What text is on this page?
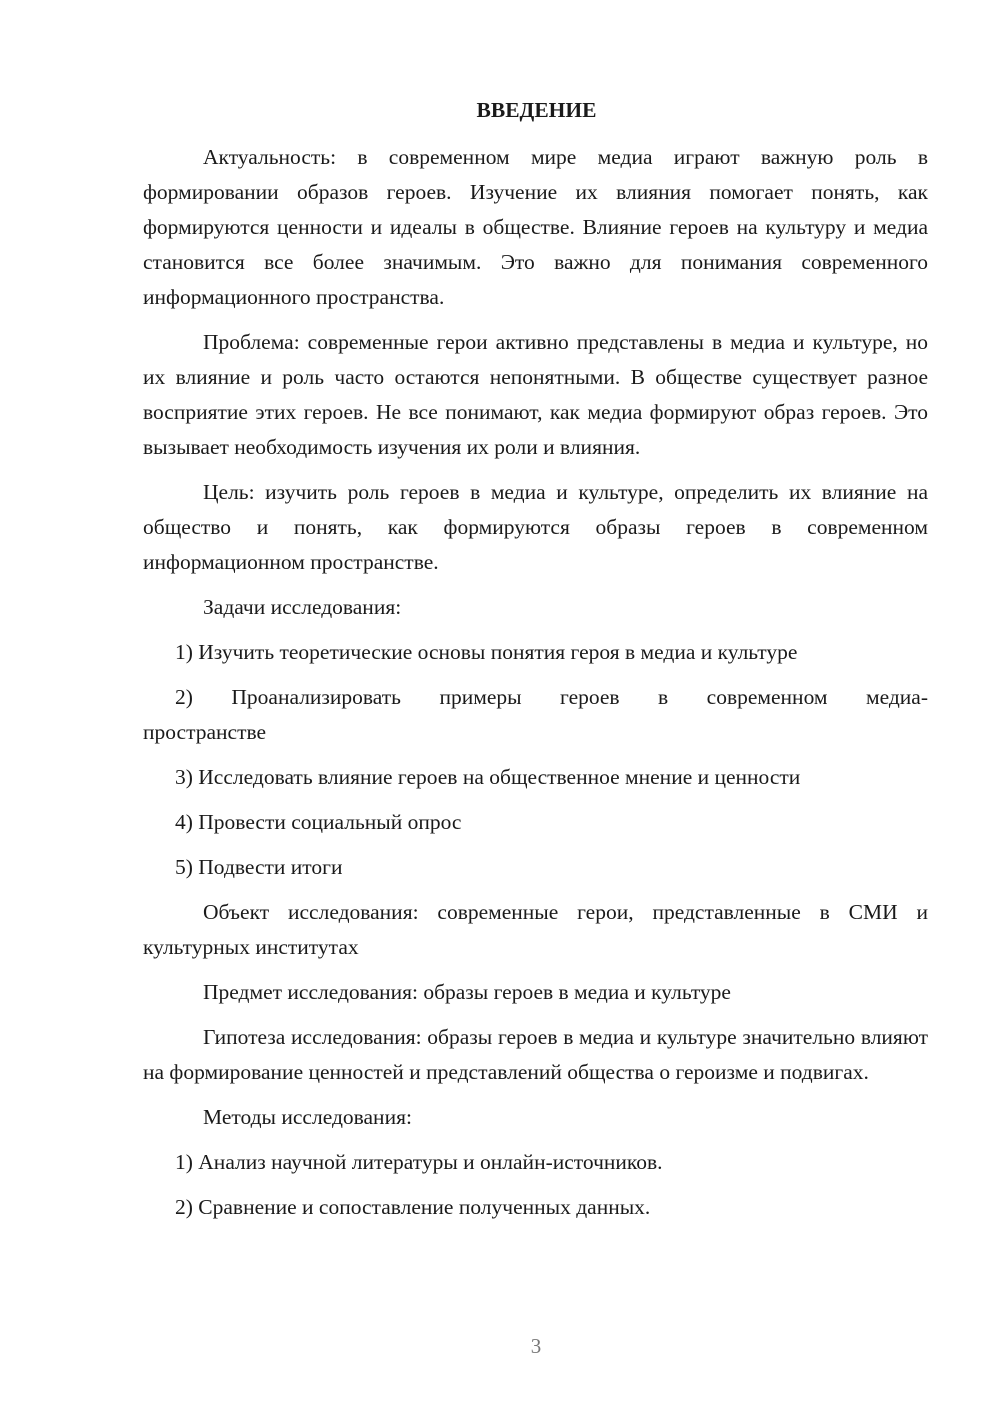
ВВЕДЕНИЕ

Актуальность: в современном мире медиа играют важную роль в формировании образов героев. Изучение их влияния помогает понять, как формируются ценности и идеалы в обществе. Влияние героев на культуру и медиа становится все более значимым. Это важно для понимания современного информационного пространства.

Проблема: современные герои активно представлены в медиа и культуре, но их влияние и роль часто остаются непонятными. В обществе существует разное восприятие этих героев. Не все понимают, как медиа формируют образ героев. Это вызывает необходимость изучения их роли и влияния.

Цель: изучить роль героев в медиа и культуре, определить их влияние на общество и понять, как формируются образы героев в современном информационном пространстве.

Задачи исследования:

1) Изучить теоретические основы понятия героя в медиа и культуре

2) Проанализировать примеры героев в современном медиа-пространстве

3) Исследовать влияние героев на общественное мнение и ценности

4) Провести социальный опрос

5) Подвести итоги

Объект исследования: современные герои, представленные в СМИ и культурных институтах

Предмет исследования: образы героев в медиа и культуре

Гипотеза исследования: образы героев в медиа и культуре значительно влияют на формирование ценностей и представлений общества о героизме и подвигах.

Методы исследования:

1) Анализ научной литературы и онлайн-источников.

2) Сравнение и сопоставление полученных данных.

3
